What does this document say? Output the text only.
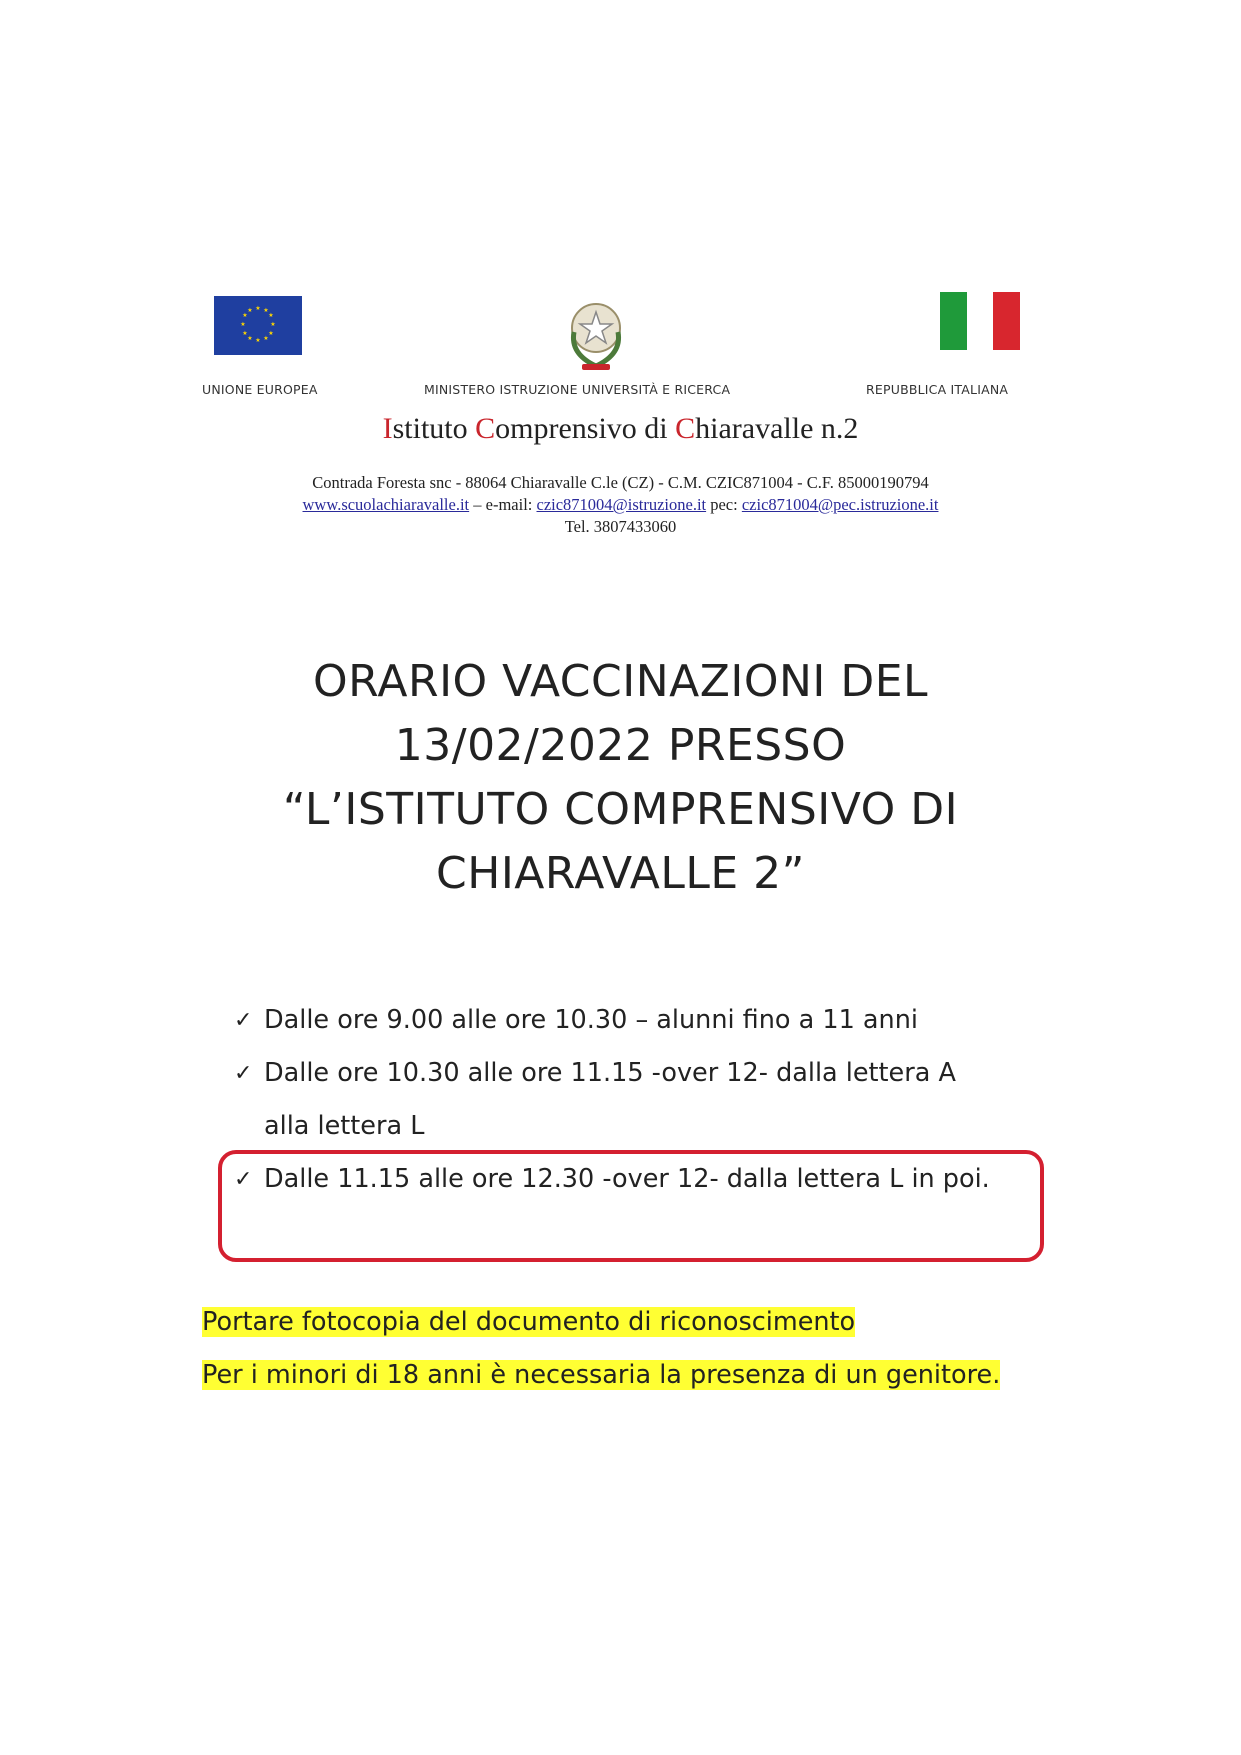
★ ★
★
★
★
★
★
★
★
★
★
★
UNIONE EUROPEA	MINISTERO ISTRUZIONE UNIVERSITÀ E RICERCA	REPUBBLICA ITALIANA
Istituto Comprensivo di Chiaravalle n.2
Contrada Foresta snc - 88064 Chiaravalle C.le (CZ) - C.M. CZIC871004 - C.F. 85000190794
www.scuolachiaravalle.it – e-mail: czic871004@istruzione.it pec: czic871004@pec.istruzione.it
Tel. 3807433060
ORARIO VACCINAZIONI DEL
13/02/2022 PRESSO
“L’ISTITUTO COMPRENSIVO DI
CHIARAVALLE 2”
✓ Dalle ore 9.00 alle ore 10.30 – alunni fino a 11 anni
✓ Dalle ore 10.30 alle ore 11.15 -over 12- dalla lettera A alla lettera L
✓ Dalle 11.15 alle ore 12.30 -over 12- dalla lettera L in poi.
Portare fotocopia del documento di riconoscimento
Per i minori di 18 anni è necessaria la presenza di un genitore.
